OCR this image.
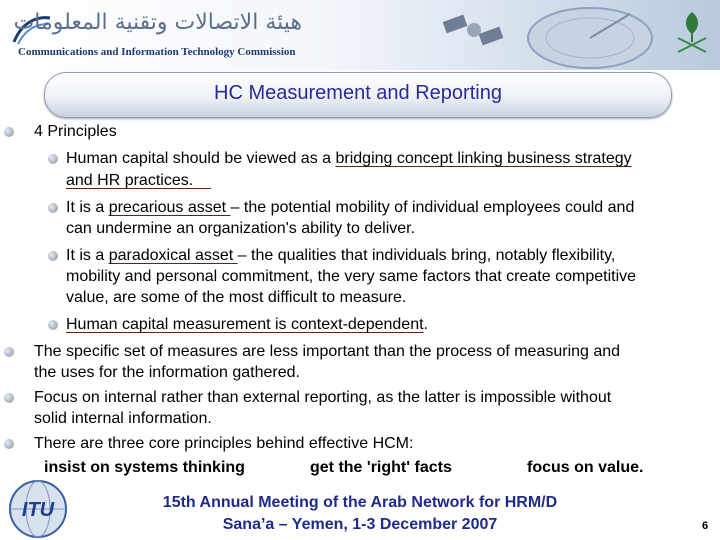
هيئة الاتصالات وتقنية المعلومات
Communications and Information Technology Commission
HC Measurement and Reporting
4 Principles
Human capital should be viewed as a bridging concept linking business strategy
and HR practices.
It is a precarious asset – the potential mobility of individual employees could and
can undermine an organization's ability to deliver.
It is a paradoxical asset – the qualities that individuals bring, notably flexibility,
mobility and personal commitment, the very same factors that create competitive
value, are some of the most difficult to measure.
Human capital measurement is context-dependent.
The specific set of measures are less important than the process of measuring and
the uses for the information gathered.
Focus on internal rather than external reporting, as the latter is impossible without
solid internal information.
There are three core principles behind effective HCM:
insist on systems thinking	get the 'right' facts	focus on value.
ITU	15th Annual Meeting of the Arab Network for HRM/D
Sana’a – Yemen, 1-3 December 2007	6
